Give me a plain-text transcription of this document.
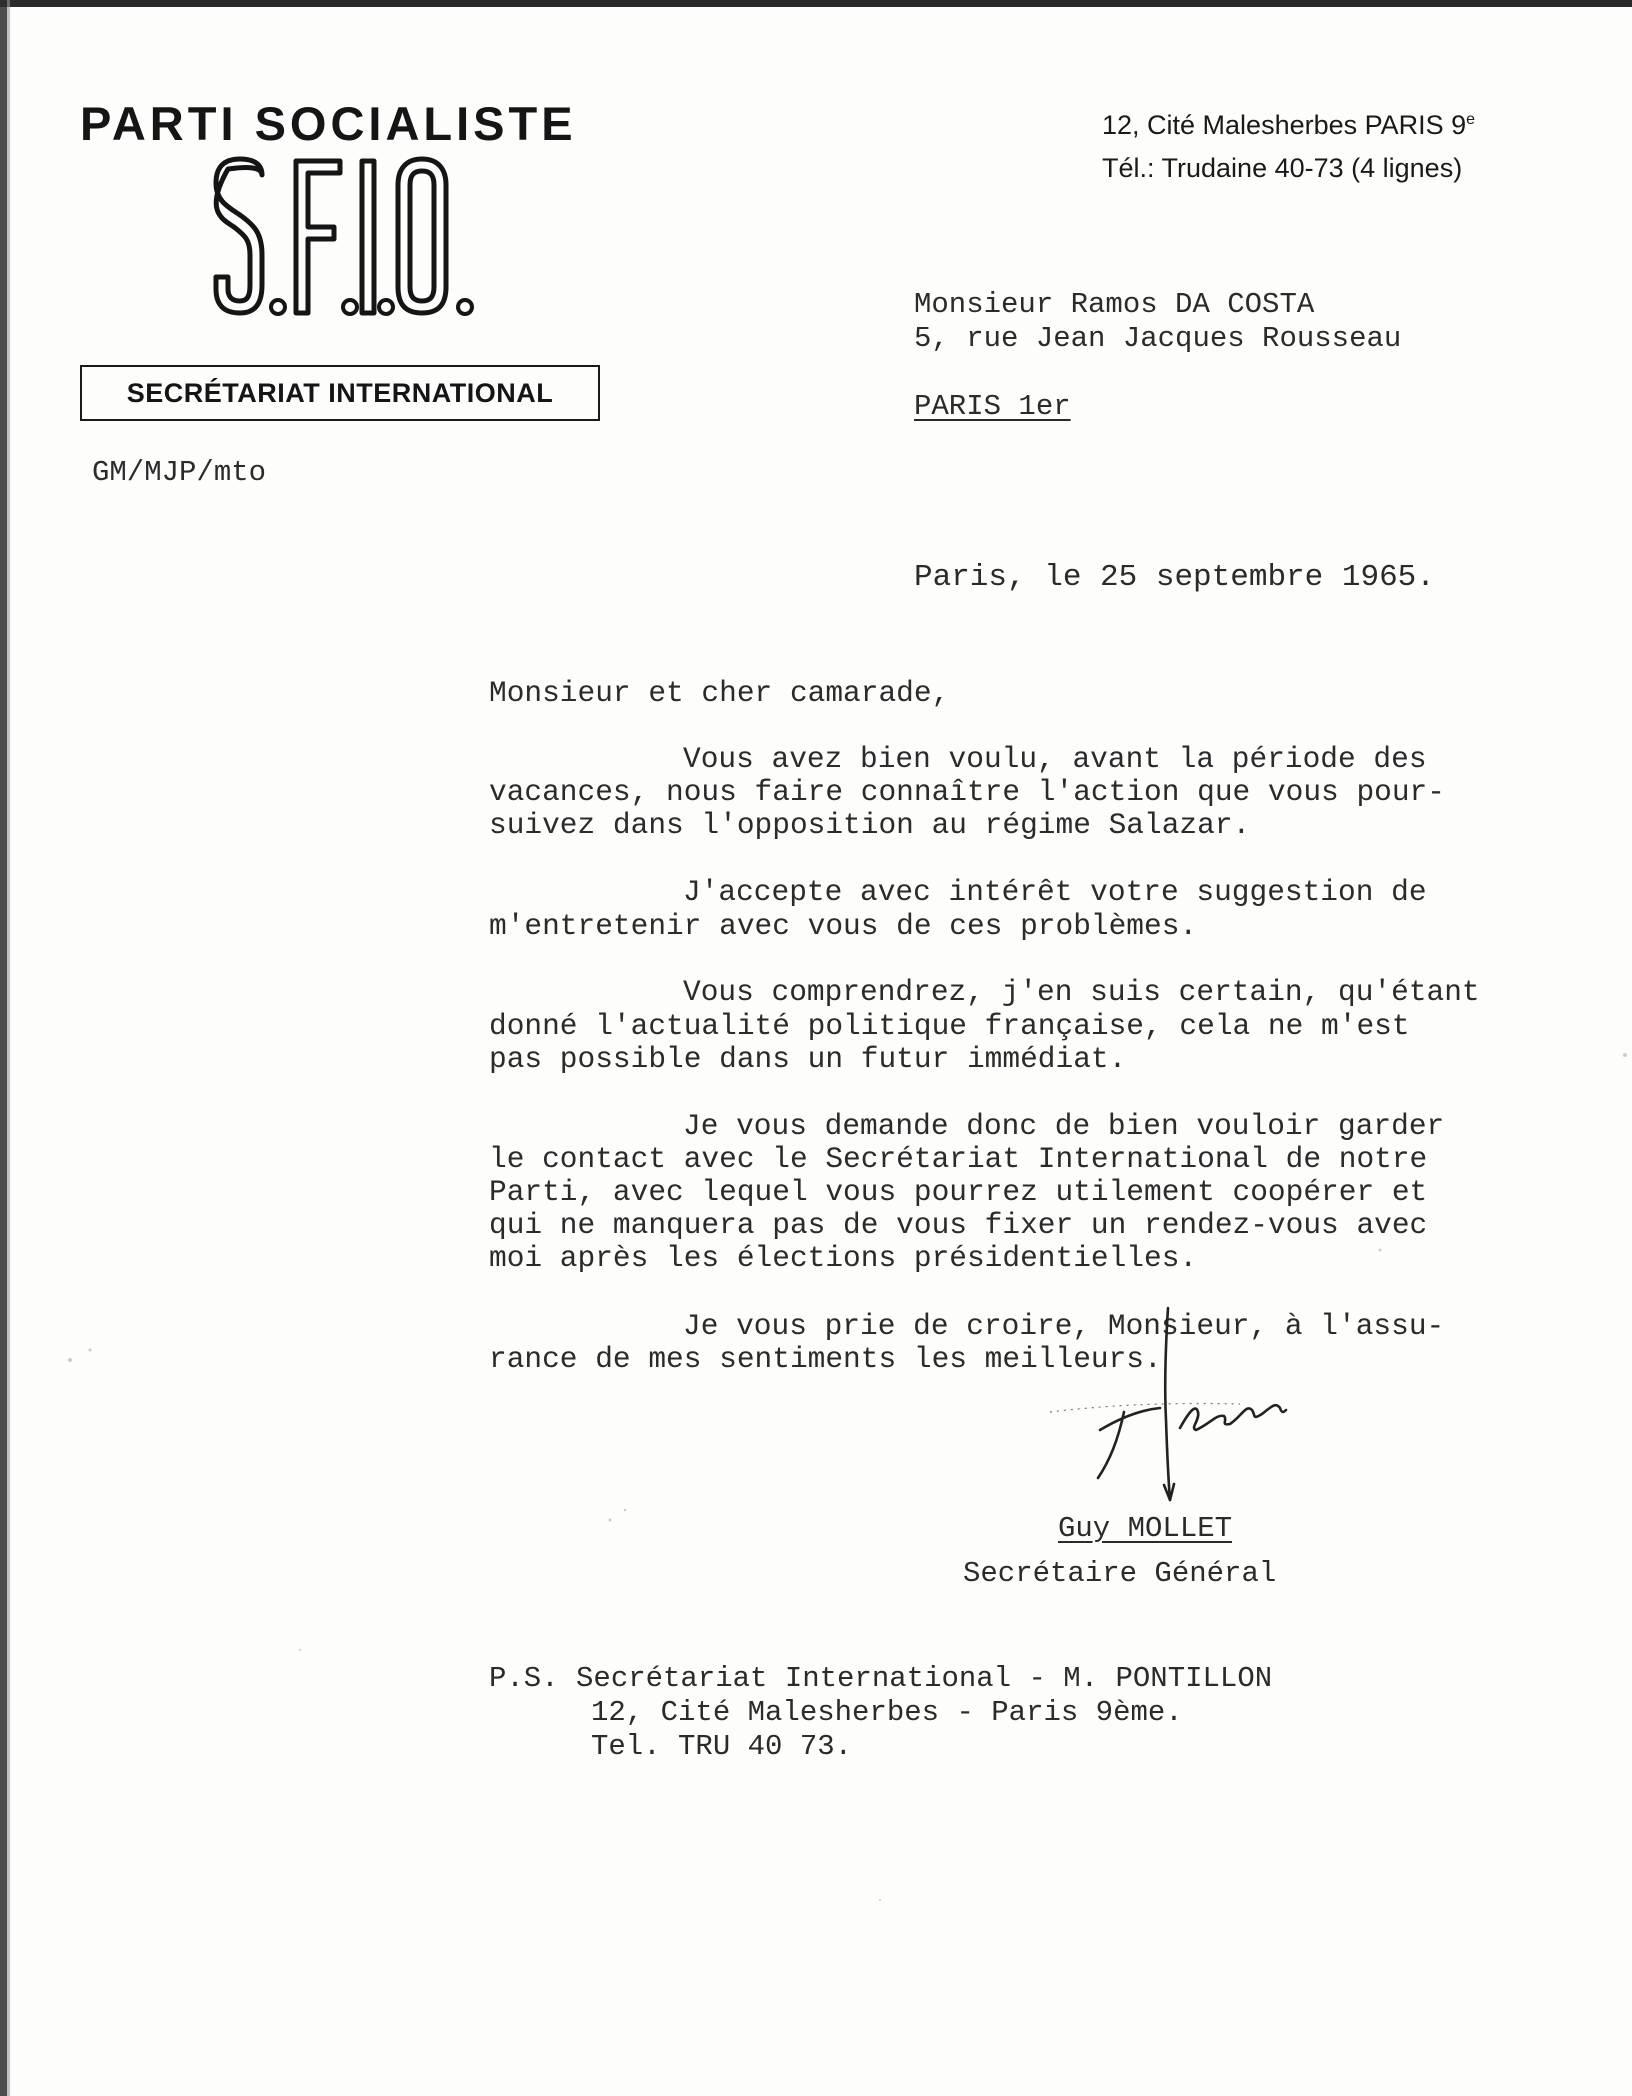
PARTI SOCIALISTE
SECRÉTARIAT INTERNATIONAL
GM/MJP/mto
12, Cité Malesherbes PARIS 9e
Tél.: Trudaine 40-73 (4 lignes)
Monsieur Ramos DA COSTA
5, rue Jean Jacques Rousseau
PARIS 1er
Paris, le 25 septembre 1965.
Monsieur et cher camarade,
Vous avez bien voulu, avant la période des
vacances, nous faire connaître l'action que vous pour-
suivez dans l'opposition au régime Salazar.
J'accepte avec intérêt votre suggestion de
m'entretenir avec vous de ces problèmes.
Vous comprendrez, j'en suis certain, qu'étant
donné l'actualité politique française, cela ne m'est
pas possible dans un futur immédiat.
Je vous demande donc de bien vouloir garder
le contact avec le Secrétariat International de notre
Parti, avec lequel vous pourrez utilement coopérer et
qui ne manquera pas de vous fixer un rendez-vous avec
moi après les élections présidentielles.
Je vous prie de croire, Monsieur, à l'assu-
rance de mes sentiments les meilleurs.
Guy MOLLET
Secrétaire Général
P.S. Secrétariat International - M. PONTILLON
12, Cité Malesherbes - Paris 9ème.
Tel. TRU 40 73.
